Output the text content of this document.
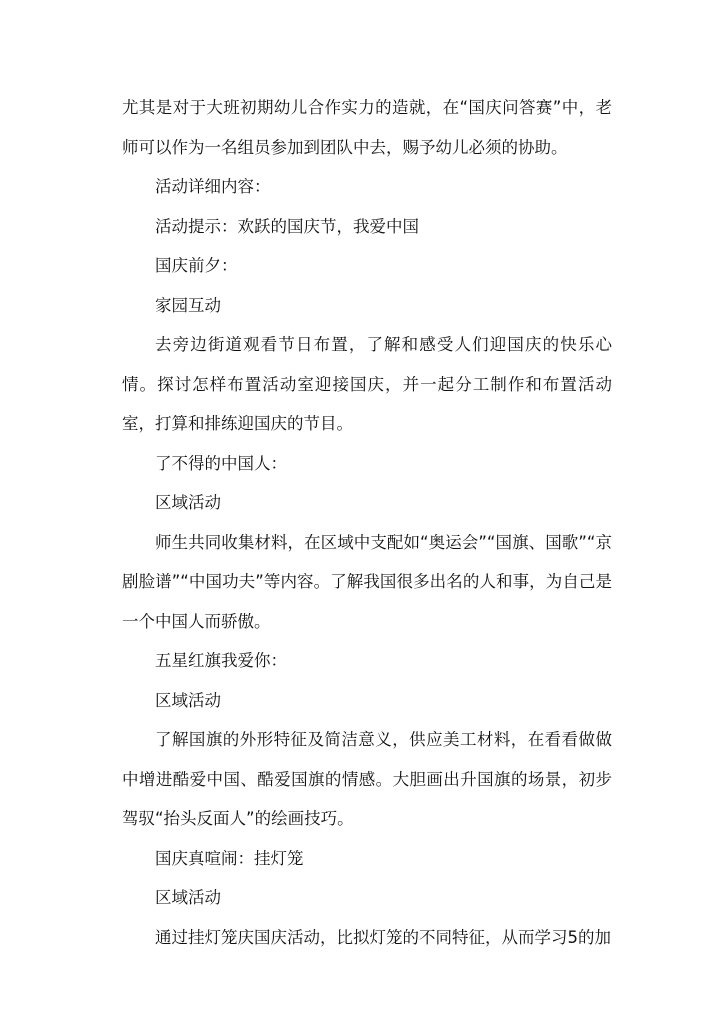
尤其是对于大班初期幼儿合作实力的造就，在“国庆问答赛”中，老师可以作为一名组员参加到团队中去，赐予幼儿必须的协助。

活动详细内容：

活动提示：欢跃的国庆节，我爱中国

国庆前夕：

家园互动

去旁边街道观看节日布置，了解和感受人们迎国庆的快乐心情。探讨怎样布置活动室迎接国庆，并一起分工制作和布置活动室，打算和排练迎国庆的节目。

了不得的中国人：

区域活动

师生共同收集材料，在区域中支配如“奥运会”“国旗、国歌”“京剧脸谱”“中国功夫”等内容。了解我国很多出名的人和事，为自己是一个中国人而骄傲。

五星红旗我爱你：

区域活动

了解国旗的外形特征及简洁意义，供应美工材料，在看看做做中增进酷爱中国、酷爱国旗的情感。大胆画出升国旗的场景，初步驾驭“抬头反面人”的绘画技巧。

国庆真喧闹：挂灯笼

区域活动

通过挂灯笼庆国庆活动，比拟灯笼的不同特征，从而学习5的加
